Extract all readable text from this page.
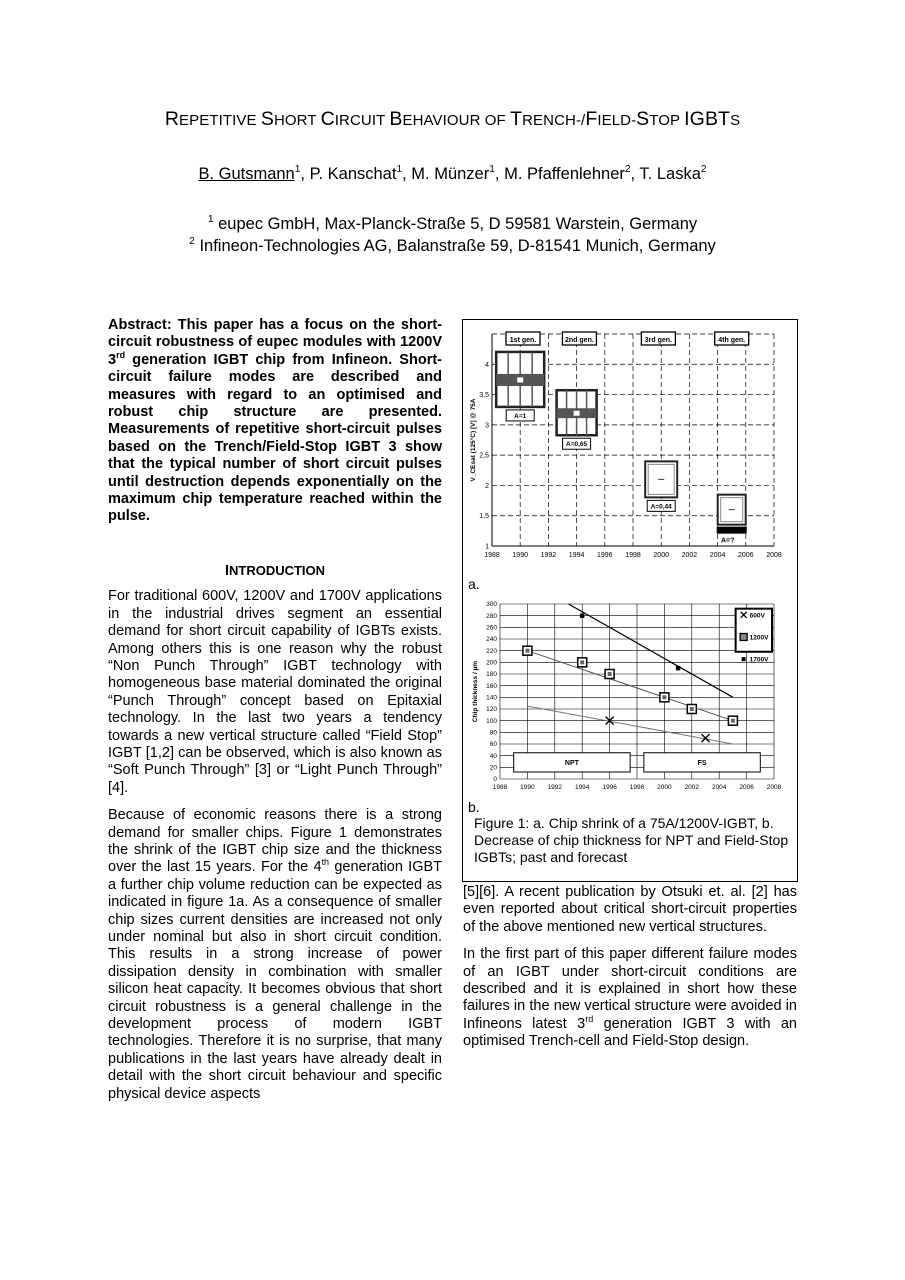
REPETITIVE SHORT CIRCUIT BEHAVIOUR OF TRENCH-/FIELD-STOP IGBTS
B. Gutsmann$^1$, P. Kanschat$^1$, M. Münzer$^1$, M. Pfaffenlehner$^2$, T. Laska$^2$
$^1$ eupec GmbH, Max-Planck-Straße 5, D 59581 Warstein, Germany
$^2$ Infineon-Technologies AG, Balanstraße 59, D-81541 Munich, Germany

Abstract: This paper has a focus on the short-circuit robustness of eupec modules with 1200V 3rd generation IGBT chip from Infineon. Short-circuit failure modes are described and measures with regard to an optimised and robust chip structure are presented. Measurements of repetitive short-circuit pulses based on the Trench/Field-Stop IGBT 3 show that the typical number of short circuit pulses until destruction depends exponentially on the maximum chip temperature reached within the pulse.

INTRODUCTION

For traditional 600V, 1200V and 1700V applications in the industrial drives segment an essential demand for short circuit capability of IGBTs exists. Among others this is one reason why the robust “Non Punch Through” IGBT technology with homogeneous base material dominated the original “Punch Through” concept based on Epitaxial technology. In the last two years a tendency towards a new vertical structure called “Field Stop” IGBT [1,2] can be observed, which is also known as “Soft Punch Through” [3] or “Light Punch Through” [4].

Because of economic reasons there is a strong demand for smaller chips. Figure 1 demonstrates the shrink of the IGBT chip size and the thickness over the last 15 years. For the 4th generation IGBT a further chip volume reduction can be expected as indicated in figure 1a. As a consequence of smaller chip sizes current densities are increased not only under nominal but also in short circuit condition. This results in a strong increase of power dissipation density in combination with smaller silicon heat capacity. It becomes obvious that short circuit robustness is a general challenge in the development process of modern IGBT technologies. Therefore it is no surprise, that many publications in the last years have already dealt in detail with the short circuit behaviour and specific physical device aspects

1988 1990 1992 1994 1996 1998 2000 2002 2004 2006 2008
1
1,5
2
2,5
3
3,5
4
V_CEsat (125°C) [V] @ 75A	A=1
1st gen.
A=0,65
2nd gen.
A=0,44
3rd gen.
A=?
4th gen.
a.
1988 1990 1992 1994 1996 1998 2000 2002 2004 2006 2008
0
20
40
60
80
100
120
140
160
180
200
220
240
260
280
300
Chip thickness / µm
NPT	FS
600V
1200V
1700V
b.
Figure 1: a. Chip shrink of a 75A/1200V-IGBT, b. Decrease of chip thickness for NPT and Field-Stop IGBTs; past and forecast

[5][6]. A recent publication by Otsuki et. al. [2] has even reported about critical short-circuit properties of the above mentioned new vertical structures.

In the first part of this paper different failure modes of an IGBT under short-circuit conditions are described and it is explained in short how these failures in the new vertical structure were avoided in Infineons latest 3rd generation IGBT 3 with an optimised Trench-cell and Field-Stop design.
